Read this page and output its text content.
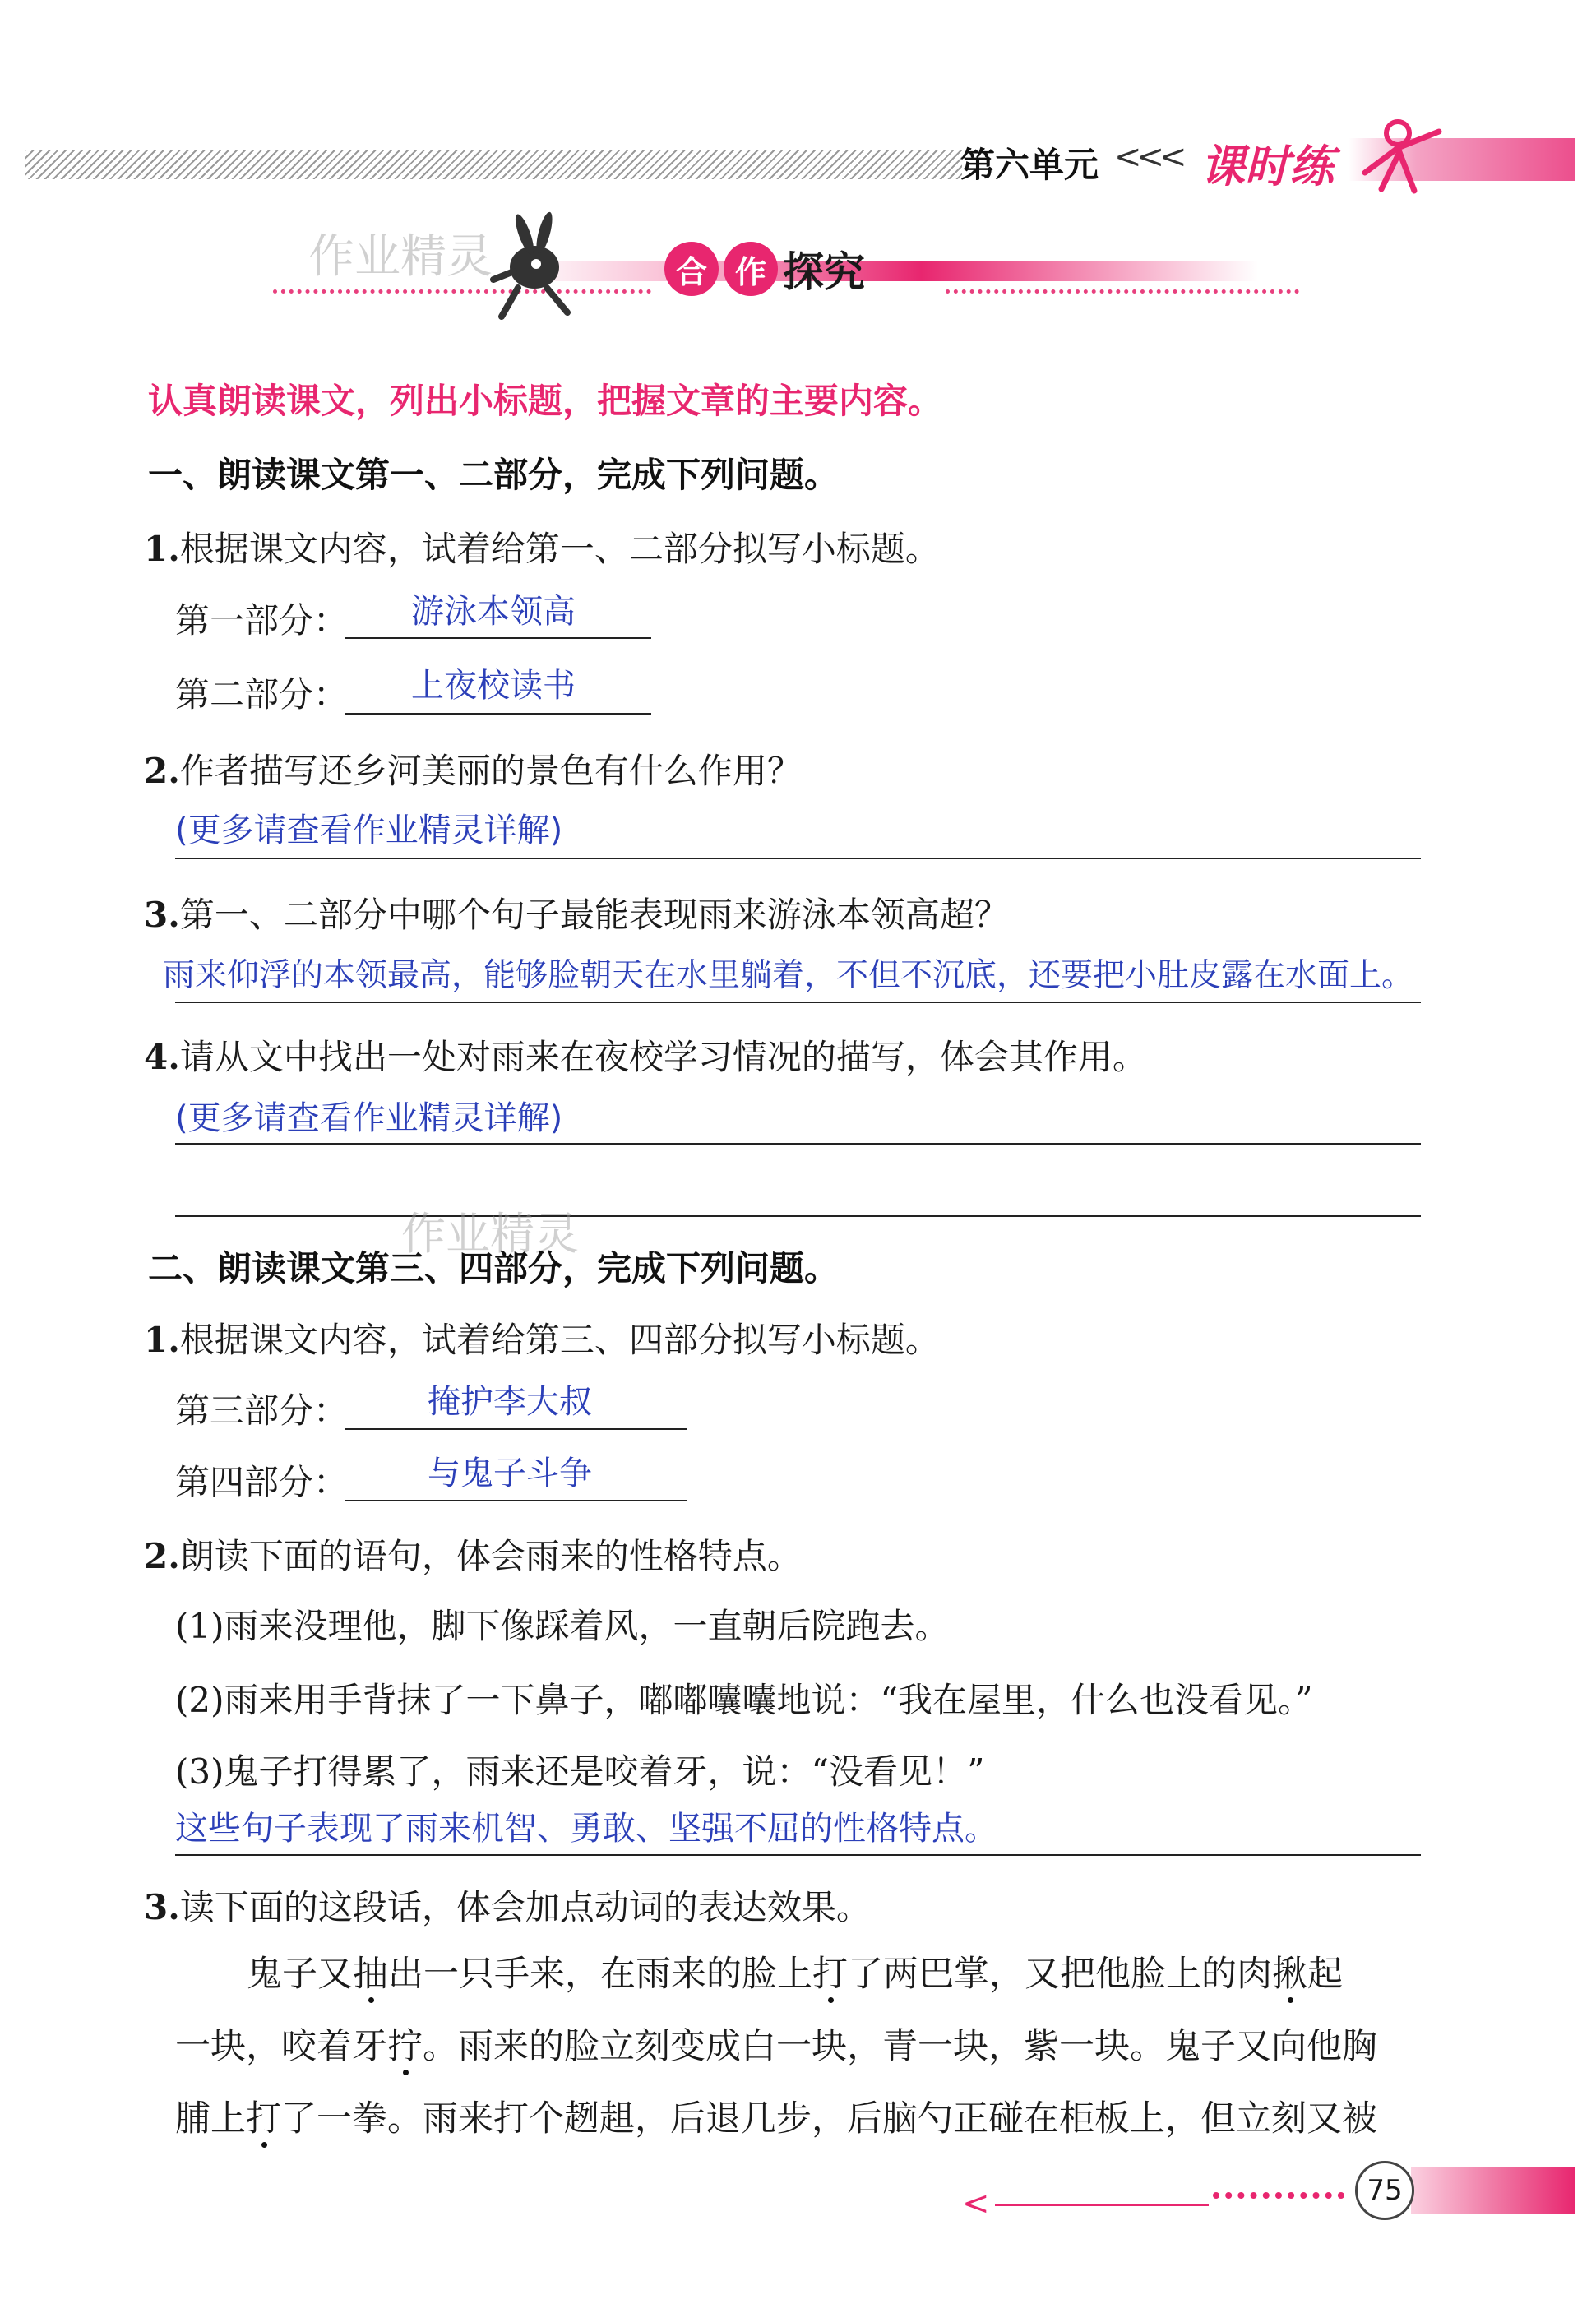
第六单元 <<< 课时练
作业精灵	合 作 探究
认真朗读课文，列出小标题，把握文章的主要内容。
一、朗读课文第一、二部分，完成下列问题。
1.根据课文内容，试着给第一、二部分拟写小标题。
第一部分： 游泳本领高
第二部分： 上夜校读书
2.作者描写还乡河美丽的景色有什么作用？
(更多请查看作业精灵详解)
3.第一、二部分中哪个句子最能表现雨来游泳本领高超？
雨来仰浮的本领最高，能够脸朝天在水里躺着，不但不沉底，还要把小肚皮露在水面上。
4.请从文中找出一处对雨来在夜校学习情况的描写，体会其作用。
(更多请查看作业精灵详解)
作业精灵
二、朗读课文第三、四部分，完成下列问题。
1.根据课文内容，试着给第三、四部分拟写小标题。
第三部分： 掩护李大叔
第四部分： 与鬼子斗争
2.朗读下面的语句，体会雨来的性格特点。
(1)雨来没理他，脚下像踩着风，一直朝后院跑去。
(2)雨来用手背抹了一下鼻子，嘟嘟囔囔地说：“我在屋里，什么也没看见。”
(3)鬼子打得累了，雨来还是咬着牙，说：“没看见！”
这些句子表现了雨来机智、勇敢、坚强不屈的性格特点。
3.读下面的这段话，体会加点动词的表达效果。
鬼子又抽出一只手来，在雨来的脸上打了两巴掌，又把他脸上的肉揪起
一块，咬着牙拧。雨来的脸立刻变成白一块，青一块，紫一块。鬼子又向他胸
脯上打了一拳。雨来打个趔趄，后退几步，后脑勺正碰在柜板上，但立刻又被
<	75
